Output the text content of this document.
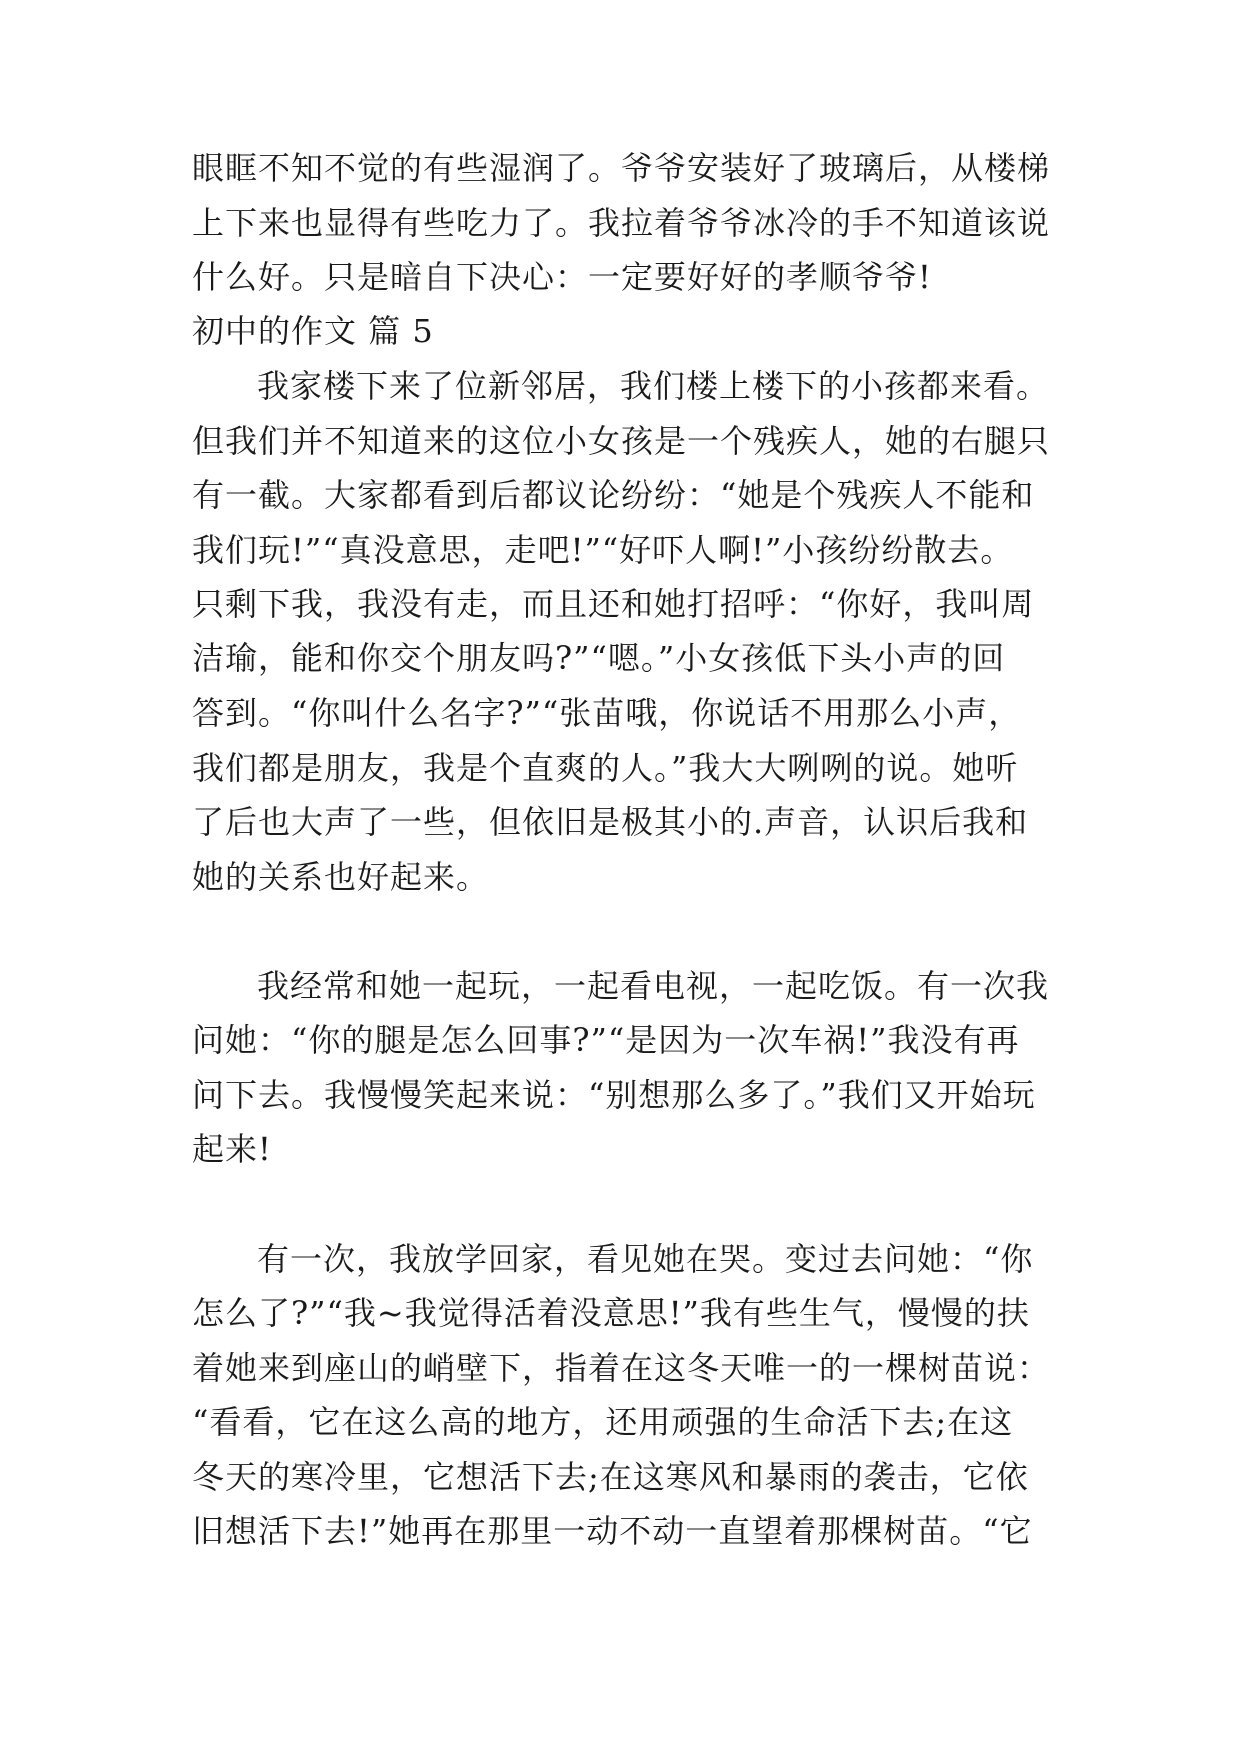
眼眶不知不觉的有些湿润了。爷爷安装好了玻璃后，从楼梯
上下来也显得有些吃力了。我拉着爷爷冰冷的手不知道该说
什么好。只是暗自下决心：一定要好好的孝顺爷爷!
初中的作文 篇 5
我家楼下来了位新邻居，我们楼上楼下的小孩都来看。
但我们并不知道来的这位小女孩是一个残疾人，她的右腿只
有一截。大家都看到后都议论纷纷：“她是个残疾人不能和
我们玩!”“真没意思，走吧!”“好吓人啊!”小孩纷纷散去。
只剩下我，我没有走，而且还和她打招呼：“你好，我叫周
洁瑜，能和你交个朋友吗?”“嗯。”小女孩低下头小声的回
答到。“你叫什么名字?”“张苗哦，你说话不用那么小声，
我们都是朋友，我是个直爽的人。”我大大咧咧的说。她听
了后也大声了一些，但依旧是极其小的.声音，认识后我和
她的关系也好起来。
我经常和她一起玩，一起看电视，一起吃饭。有一次我
问她：“你的腿是怎么回事?”“是因为一次车祸!”我没有再
问下去。我慢慢笑起来说：“别想那么多了。”我们又开始玩
起来!
有一次，我放学回家，看见她在哭。变过去问她：“你
怎么了?”“我~我觉得活着没意思!”我有些生气，慢慢的扶
着她来到座山的峭壁下，指着在这冬天唯一的一棵树苗说：
“看看，它在这么高的地方，还用顽强的生命活下去;在这
冬天的寒冷里，它想活下去;在这寒风和暴雨的袭击，它依
旧想活下去!”她再在那里一动不动一直望着那棵树苗。“它
